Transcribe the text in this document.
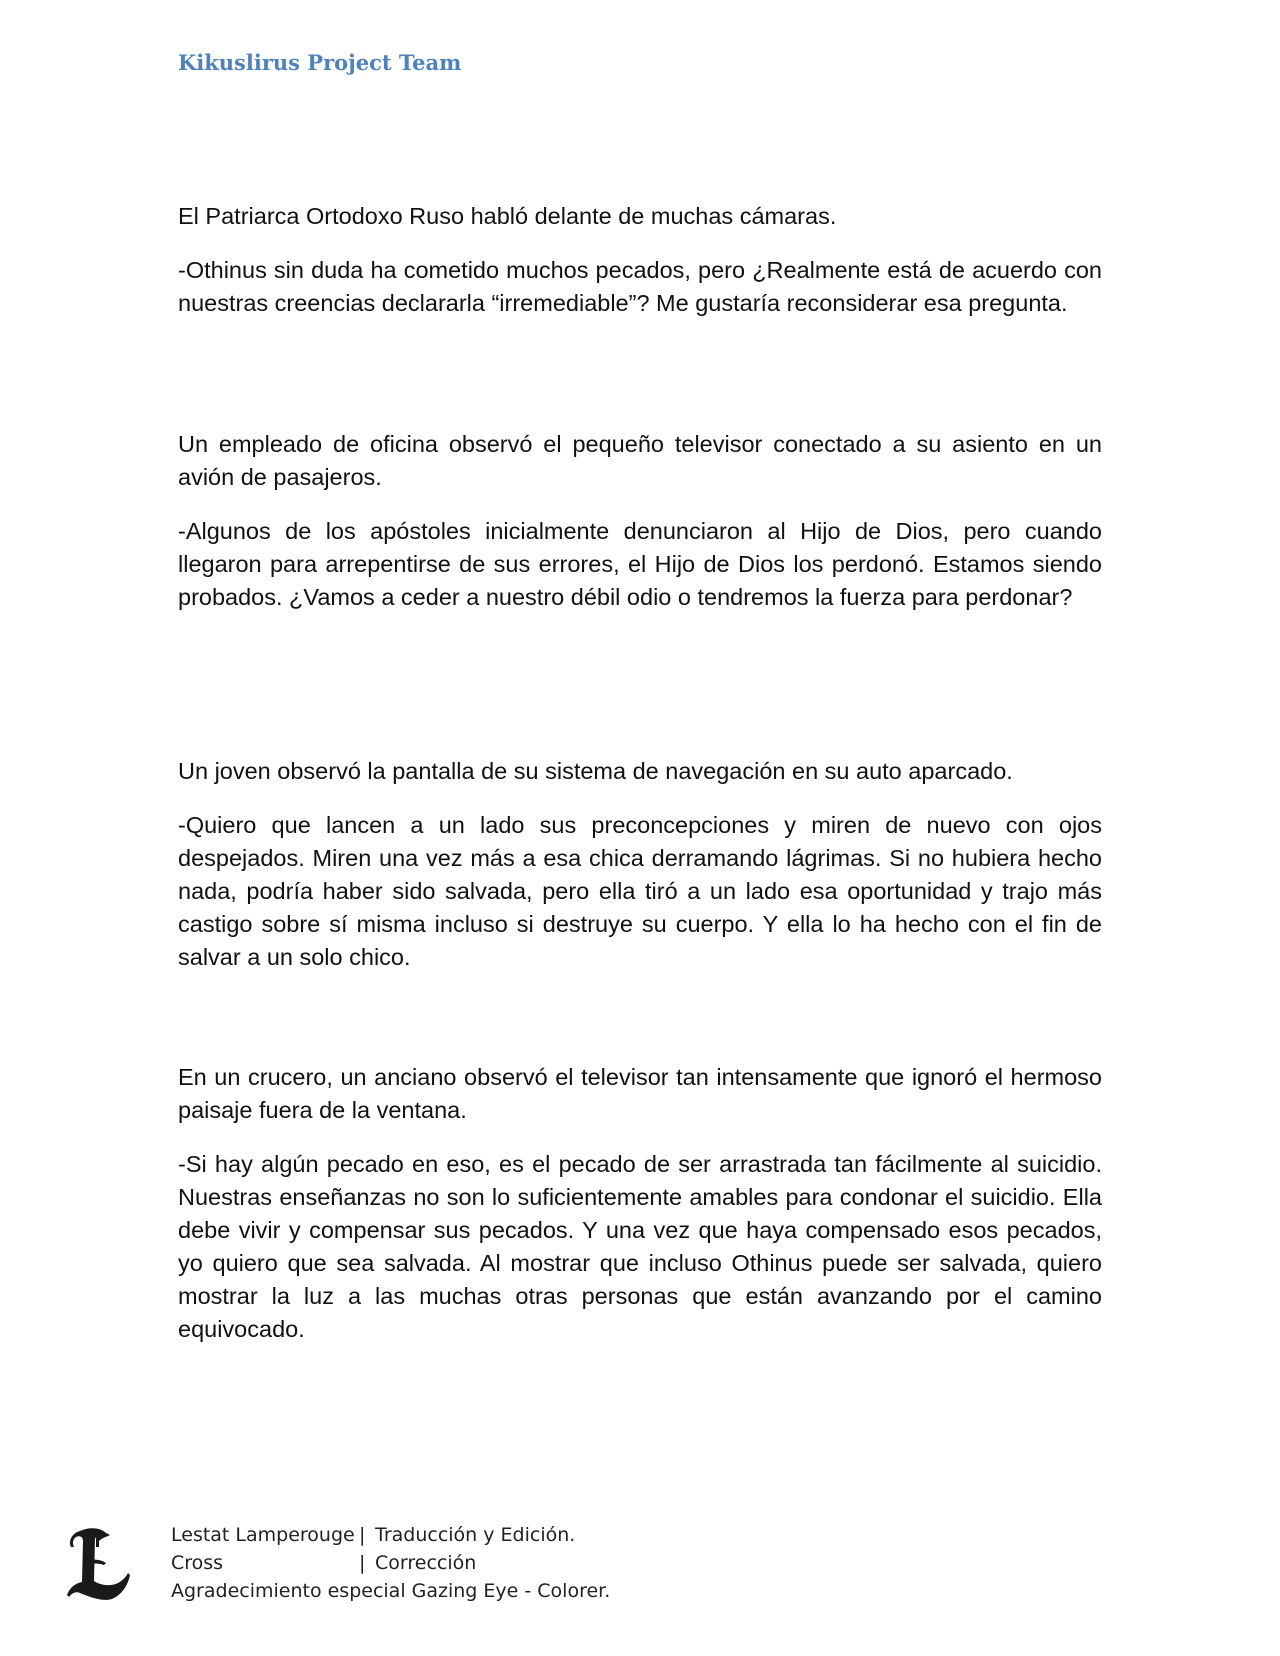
Kikuslirus Project Team

El Patriarca Ortodoxo Ruso habló delante de muchas cámaras.

-Othinus sin duda ha cometido muchos pecados, pero ¿Realmente está de acuerdo con nuestras creencias declararla “irremediable”? Me gustaría reconsiderar esa pregunta.

Un empleado de oficina observó el pequeño televisor conectado a su asiento en un avión de pasajeros.

-Algunos de los apóstoles inicialmente denunciaron al Hijo de Dios, pero cuando llegaron para arrepentirse de sus errores, el Hijo de Dios los perdonó. Estamos siendo probados. ¿Vamos a ceder a nuestro débil odio o tendremos la fuerza para perdonar?

Un joven observó la pantalla de su sistema de navegación en su auto aparcado.

-Quiero que lancen a un lado sus preconcepciones y miren de nuevo con ojos despejados. Miren una vez más a esa chica derramando lágrimas. Si no hubiera hecho nada, podría haber sido salvada, pero ella tiró a un lado esa oportunidad y trajo más castigo sobre sí misma incluso si destruye su cuerpo. Y ella lo ha hecho con el fin de salvar a un solo chico.

En un crucero, un anciano observó el televisor tan intensamente que ignoró el hermoso paisaje fuera de la ventana.

-Si hay algún pecado en eso, es el pecado de ser arrastrada tan fácilmente al suicidio. Nuestras enseñanzas no son lo suficientemente amables para condonar el suicidio. Ella debe vivir y compensar sus pecados. Y una vez que haya compensado esos pecados, yo quiero que sea salvada. Al mostrar que incluso Othinus puede ser salvada, quiero mostrar la luz a las muchas otras personas que están avanzando por el camino equivocado.

Lestat Lamperouge | Traducción y Edición.
Cross	| Corrección
Agradecimiento especial Gazing Eye - Colorer.
